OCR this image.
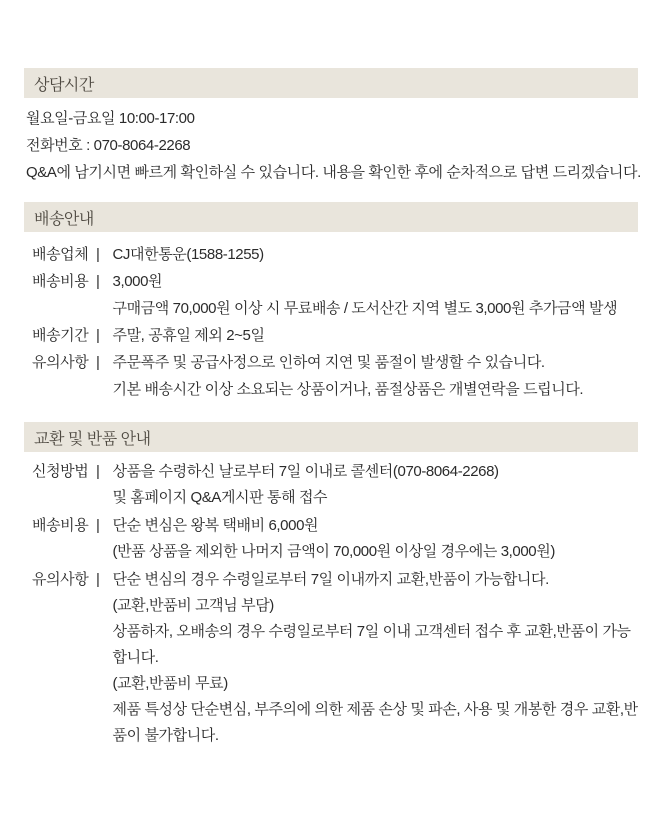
상담시간
월요일-금요일 10:00-17:00
전화번호 : 070-8064-2268
Q&A에 남기시면 빠르게 확인하실 수 있습니다. 내용을 확인한 후에 순차적으로 답변 드리겠습니다.
배송안내
배송업체 | CJ대한통운(1588-1255)
배송비용 | 3,000원
구매금액 70,000원 이상 시 무료배송 / 도서산간 지역 별도 3,000원 추가금액 발생
배송기간 | 주말, 공휴일 제외 2~5일
유의사항 | 주문폭주 및 공급사정으로 인하여 지연 및 품절이 발생할 수 있습니다.
기본 배송시간 이상 소요되는 상품이거나, 품절상품은 개별연락을 드립니다.
교환 및 반품 안내
신청방법 | 상품을 수령하신 날로부터 7일 이내로 콜센터(070-8064-2268)
및 홈페이지 Q&A게시판 통해 접수
배송비용 | 단순 변심은 왕복 택배비 6,000원
(반품 상품을 제외한 나머지 금액이 70,000원 이상일 경우에는 3,000원)
유의사항 | 단순 변심의 경우 수령일로부터 7일 이내까지 교환,반품이 가능합니다.
(교환,반품비 고객님 부담)
상품하자, 오배송의 경우 수령일로부터 7일 이내 고객센터 접수 후 교환,반품이 가능합니다.
(교환,반품비 무료)
제품 특성상 단순변심, 부주의에 의한 제품 손상 및 파손, 사용 및 개봉한 경우 교환,반품이 불가합니다.
